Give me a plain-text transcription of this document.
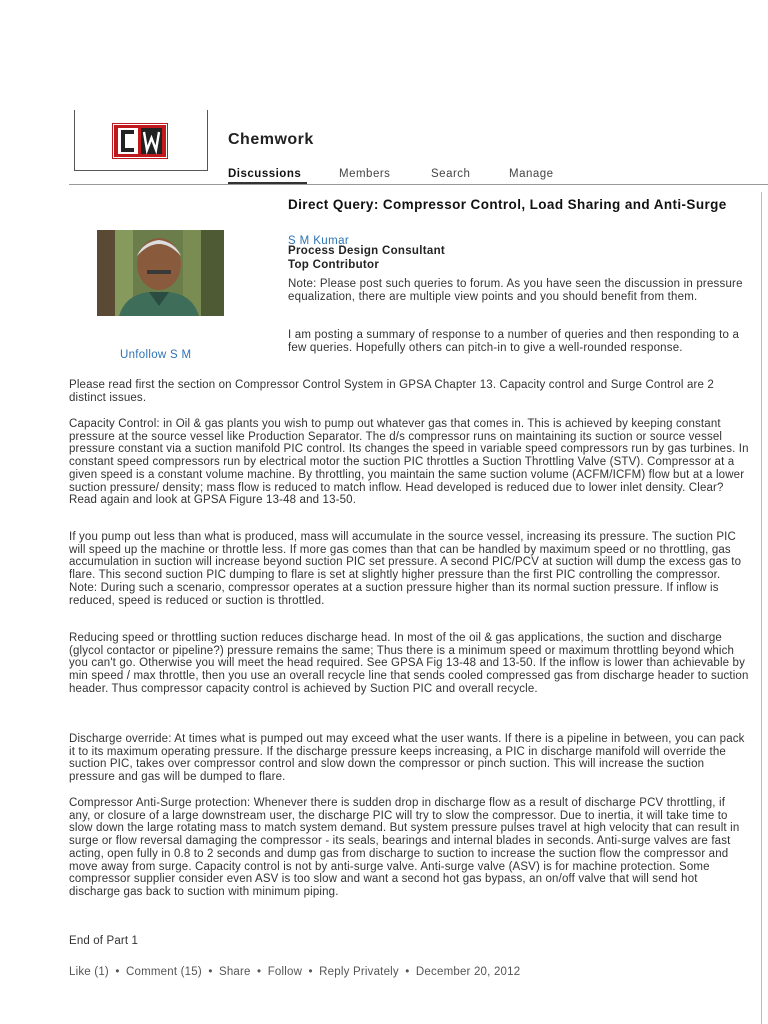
Chemwork
Discussions	Members	Search	Manage
Direct Query: Compressor Control, Load Sharing and Anti-Surge
Unfollow S M
S M Kumar
Process Design Consultant
Top Contributor
Note: Please post such queries to forum. As you have seen the discussion in pressure equalization, there are multiple view points and you should benefit from them.
I am posting a summary of response to a number of queries and then responding to a few queries. Hopefully others can pitch-in to give a well-rounded response.

Please read first the section on Compressor Control System in GPSA Chapter 13. Capacity control and Surge Control are 2 distinct issues.

Capacity Control: in Oil & gas plants you wish to pump out whatever gas that comes in. This is achieved by keeping constant pressure at the source vessel like Production Separator. The d/s compressor runs on maintaining its suction or source vessel pressure constant via a suction manifold PIC control. Its changes the speed in variable speed compressors run by gas turbines. In constant speed compressors run by electrical motor the suction PIC throttles a Suction Throttling Valve (STV). Compressor at a given speed is a constant volume machine. By throttling, you maintain the same suction volume (ACFM/ICFM) flow but at a lower suction pressure/ density; mass flow is reduced to match inflow. Head developed is reduced due to lower inlet density. Clear? Read again and look at GPSA Figure 13-48 and 13-50.

If you pump out less than what is produced, mass will accumulate in the source vessel, increasing its pressure. The suction PIC will speed up the machine or throttle less. If more gas comes than that can be handled by maximum speed or no throttling, gas accumulation in suction will increase beyond suction PIC set pressure. A second PIC/PCV at suction will dump the excess gas to flare. This second suction PIC dumping to flare is set at slightly higher pressure than the first PIC controlling the compressor. Note: During such a scenario, compressor operates at a suction pressure higher than its normal suction pressure. If inflow is reduced, speed is reduced or suction is throttled.

Reducing speed or throttling suction reduces discharge head. In most of the oil & gas applications, the suction and discharge (glycol contactor or pipeline?) pressure remains the same; Thus there is a minimum speed or maximum throttling beyond which you can't go. Otherwise you will meet the head required. See GPSA Fig 13-48 and 13-50. If the inflow is lower than achievable by min speed / max throttle, then you use an overall recycle line that sends cooled compressed gas from discharge header to suction header. Thus compressor capacity control is achieved by Suction PIC and overall recycle.

Discharge override: At times what is pumped out may exceed what the user wants. If there is a pipeline in between, you can pack it to its maximum operating pressure. If the discharge pressure keeps increasing, a PIC in discharge manifold will override the suction PIC, takes over compressor control and slow down the compressor or pinch suction. This will increase the suction pressure and gas will be dumped to flare.

Compressor Anti-Surge protection: Whenever there is sudden drop in discharge flow as a result of discharge PCV throttling, if any, or closure of a large downstream user, the discharge PIC will try to slow the compressor. Due to inertia, it will take time to slow down the large rotating mass to match system demand. But system pressure pulses travel at high velocity that can result in surge or flow reversal damaging the compressor - its seals, bearings and internal blades in seconds. Anti-surge valves are fast acting, open fully in 0.8 to 2 seconds and dump gas from discharge to suction to increase the suction flow the compressor and move away from surge. Capacity control is not by anti-surge valve. Anti-surge valve (ASV) is for machine protection. Some compressor supplier consider even ASV is too slow and want a second hot gas bypass, an on/off valve that will send hot discharge gas back to suction with minimum piping.

End of Part 1

Like (1) • Comment (15) • Share • Follow • Reply Privately • December 20, 2012
